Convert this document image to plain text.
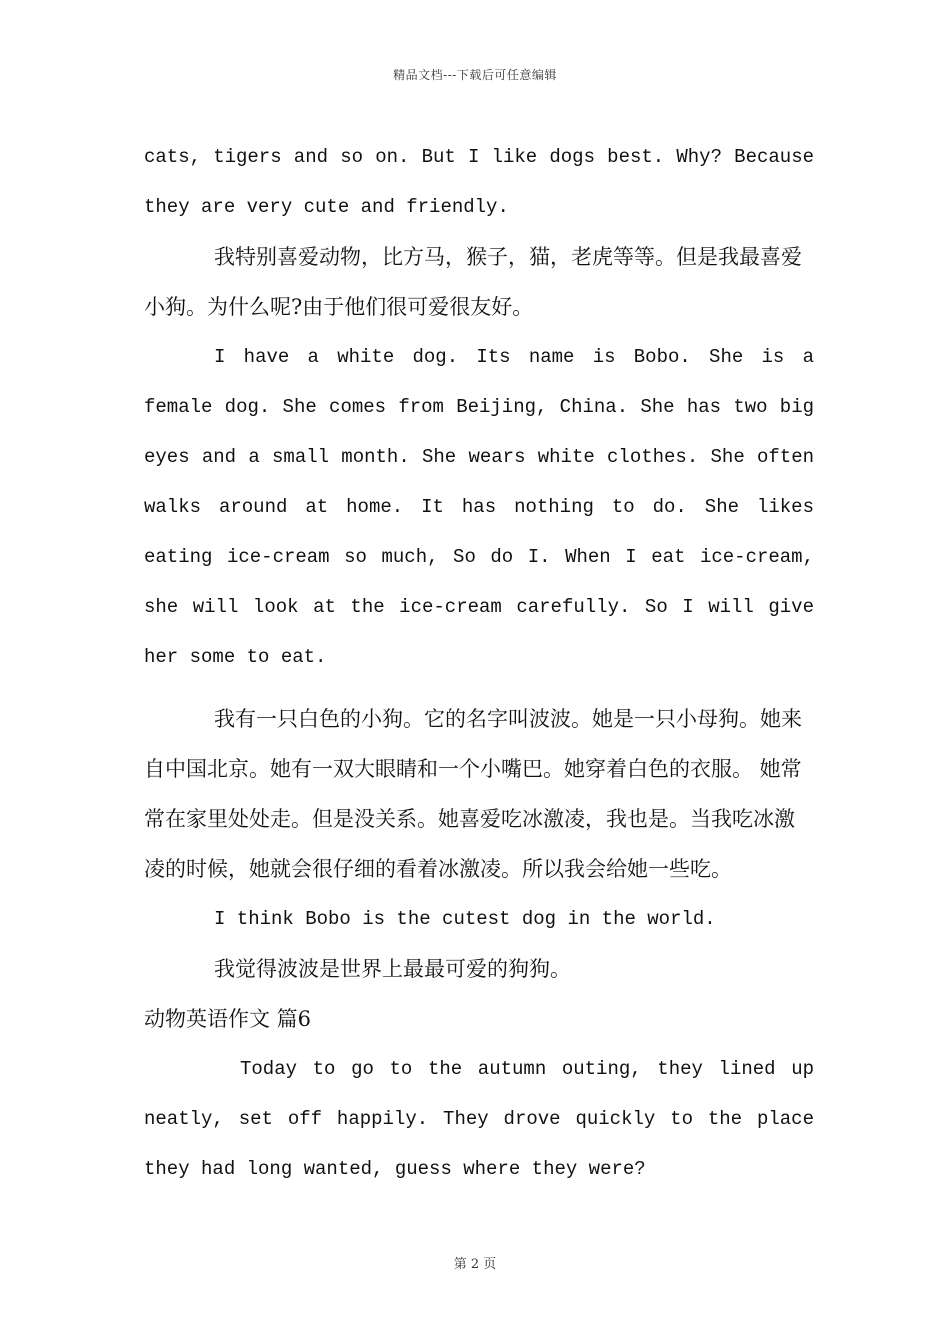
精品文档---下载后可任意编辑

cats, tigers and so on. But I like dogs best. Why? Because they are very cute and friendly.

我特别喜爱动物，比方马，猴子，猫，老虎等等。但是我最喜爱小狗。为什么呢?由于他们很可爱很友好。

I have a white dog. Its name is Bobo. She is a female dog. She comes from Beijing, China. She has two big eyes and a small month. She wears white clothes. She often walks around at home. It has nothing to do. She likes eating ice-cream so much, So do I. When I eat ice-cream, she will look at the ice-cream carefully. So I will give her some to eat.

我有一只白色的小狗。它的名字叫波波。她是一只小母狗。她来自中国北京。她有一双大眼睛和一个小嘴巴。她穿着白色的衣服。 她常常在家里处处走。但是没关系。她喜爱吃冰激凌，我也是。当我吃冰激凌的时候，她就会很仔细的看着冰激凌。所以我会给她一些吃。

I think Bobo is the cutest dog in the world.

我觉得波波是世界上最最可爱的狗狗。

动物英语作文 篇6

Today to go to the autumn outing, they lined up neatly, set off happily. They drove quickly to the place they had long wanted, guess where they were?

第 2 页
